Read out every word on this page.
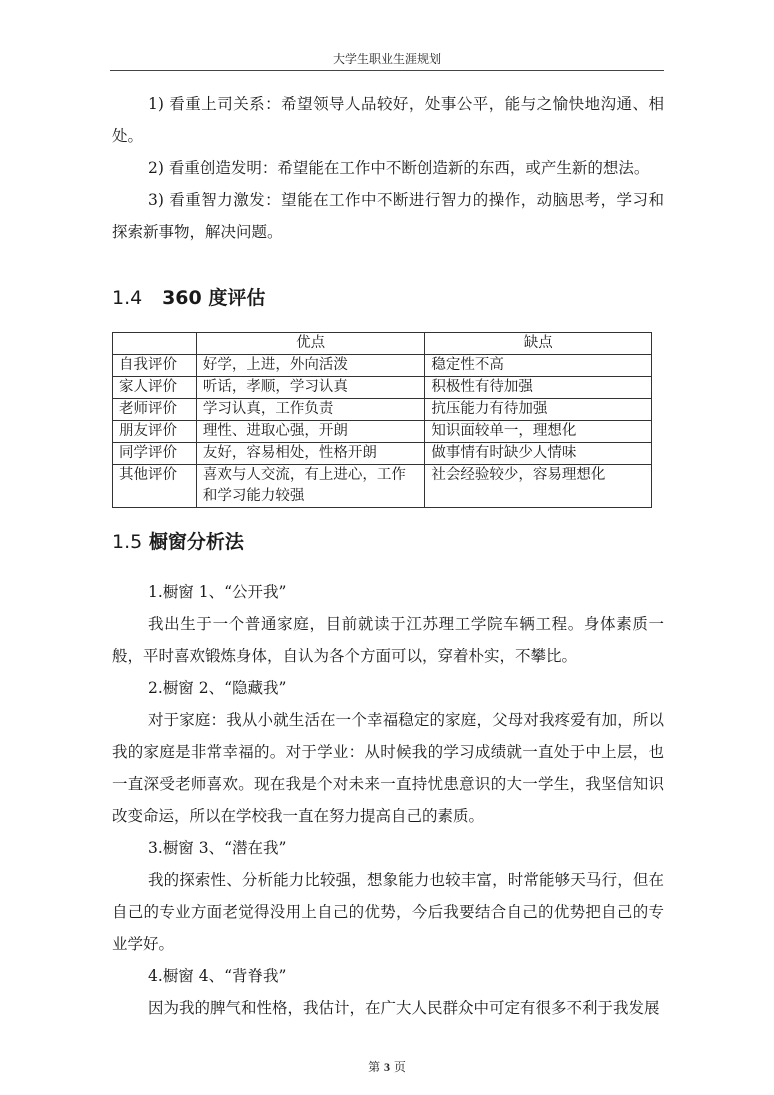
大学生职业生涯规划

1) 看重上司关系：希望领导人品较好，处事公平，能与之愉快地沟通、相处。

2) 看重创造发明：希望能在工作中不断创造新的东西，或产生新的想法。

3) 看重智力激发：望能在工作中不断进行智力的操作，动脑思考，学习和探索新事物，解决问题。

1.4 360 度评估
	优点	缺点
自我评价	好学，上进，外向活泼	稳定性不高
家人评价	听话，孝顺，学习认真	积极性有待加强
老师评价	学习认真，工作负责	抗压能力有待加强
朋友评价	理性、进取心强，开朗	知识面较单一，理想化
同学评价	友好，容易相处，性格开朗	做事情有时缺少人情味
其他评价	喜欢与人交流，有上进心，工作和学习能力较强	社会经验较少，容易理想化
1.5 橱窗分析法

1.橱窗 1、“公开我”

我出生于一个普通家庭，目前就读于江苏理工学院车辆工程。身体素质一般，平时喜欢锻炼身体，自认为各个方面可以，穿着朴实，不攀比。

2.橱窗 2、“隐藏我”

对于家庭：我从小就生活在一个幸福稳定的家庭，父母对我疼爱有加，所以我的家庭是非常幸福的。对于学业：从时候我的学习成绩就一直处于中上层，也一直深受老师喜欢。现在我是个对未来一直持忧患意识的大一学生，我坚信知识改变命运，所以在学校我一直在努力提高自己的素质。

3.橱窗 3、“潜在我”

我的探索性、分析能力比较强，想象能力也较丰富，时常能够天马行，但在自己的专业方面老觉得没用上自己的优势，今后我要结合自己的优势把自己的专业学好。

4.橱窗 4、“背脊我”

因为我的脾气和性格，我估计，在广大人民群众中可定有很多不利于我发展

第 3 页
